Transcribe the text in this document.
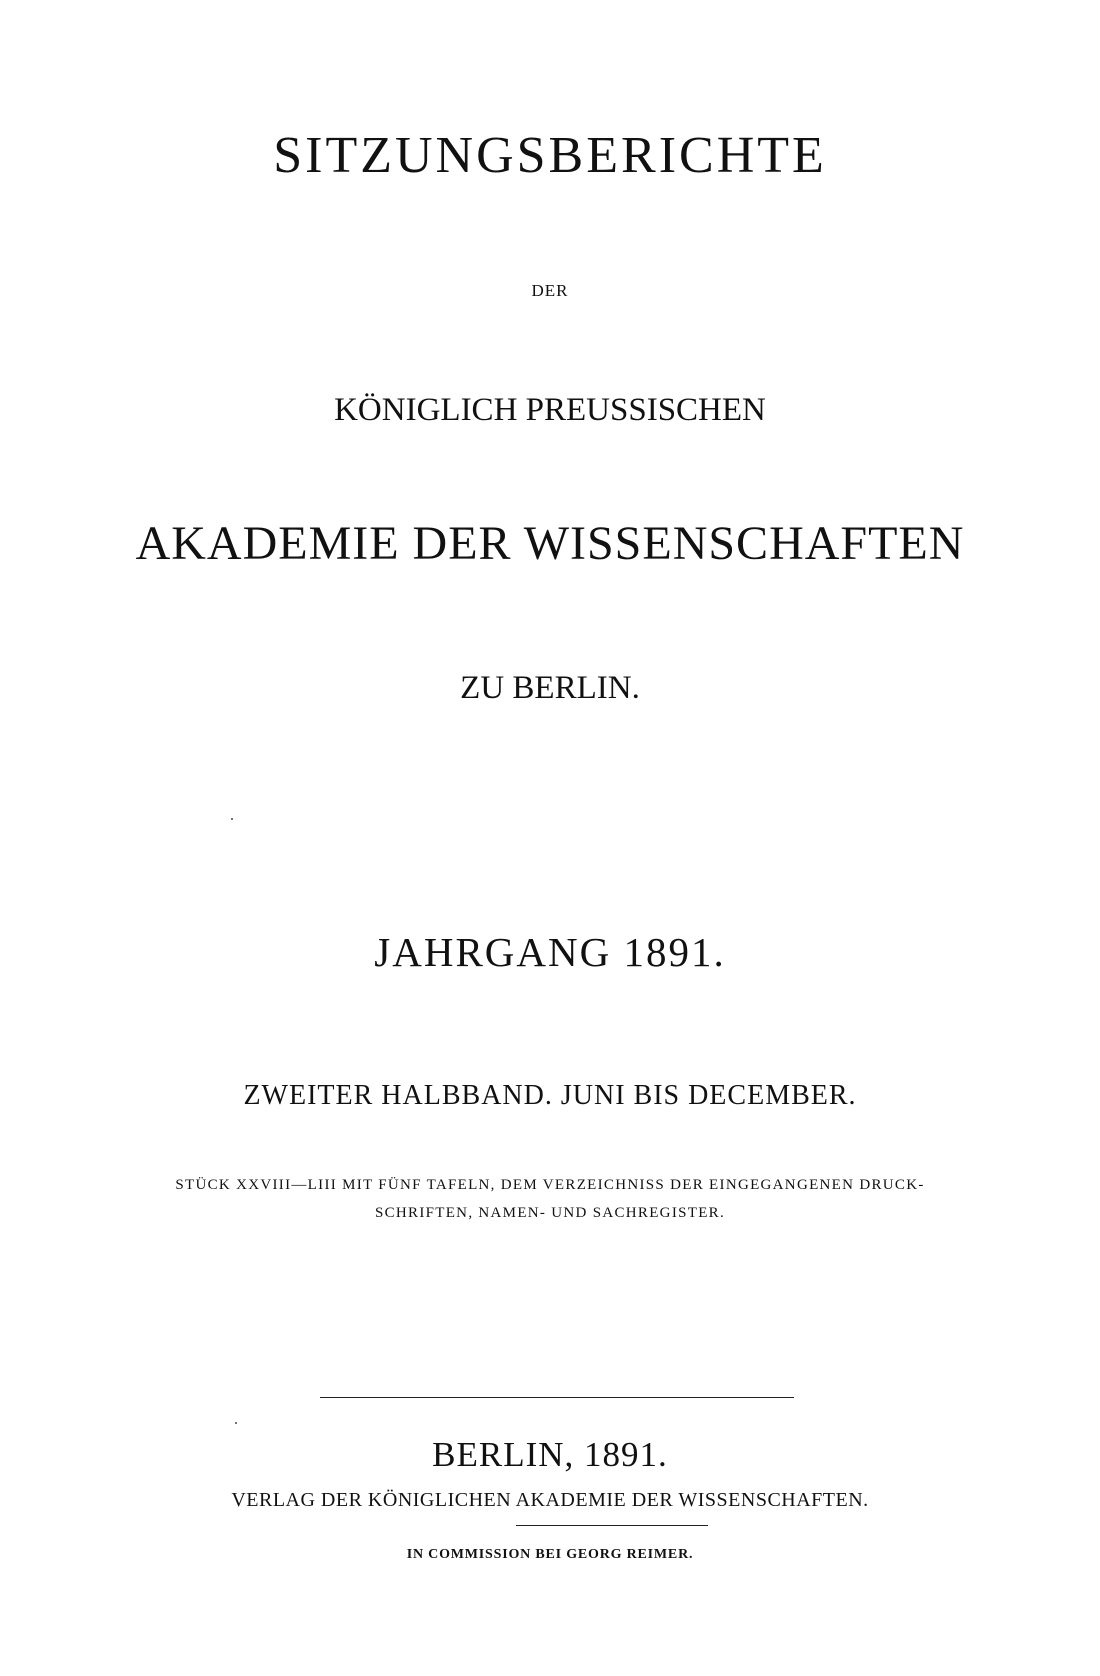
SITZUNGSBERICHTE
DER
KÖNIGLICH PREUSSISCHEN
AKADEMIE DER WISSENSCHAFTEN
ZU BERLIN.
JAHRGANG 1891.
ZWEITER HALBBAND. JUNI BIS DECEMBER.
STÜCK XXVIII—LIII MIT FÜNF TAFELN, DEM VERZEICHNISS DER EINGEGANGENEN DRUCK-
SCHRIFTEN, NAMEN- UND SACHREGISTER.
BERLIN, 1891.
VERLAG DER KÖNIGLICHEN AKADEMIE DER WISSENSCHAFTEN.
IN COMMISSION BEI GEORG REIMER.
